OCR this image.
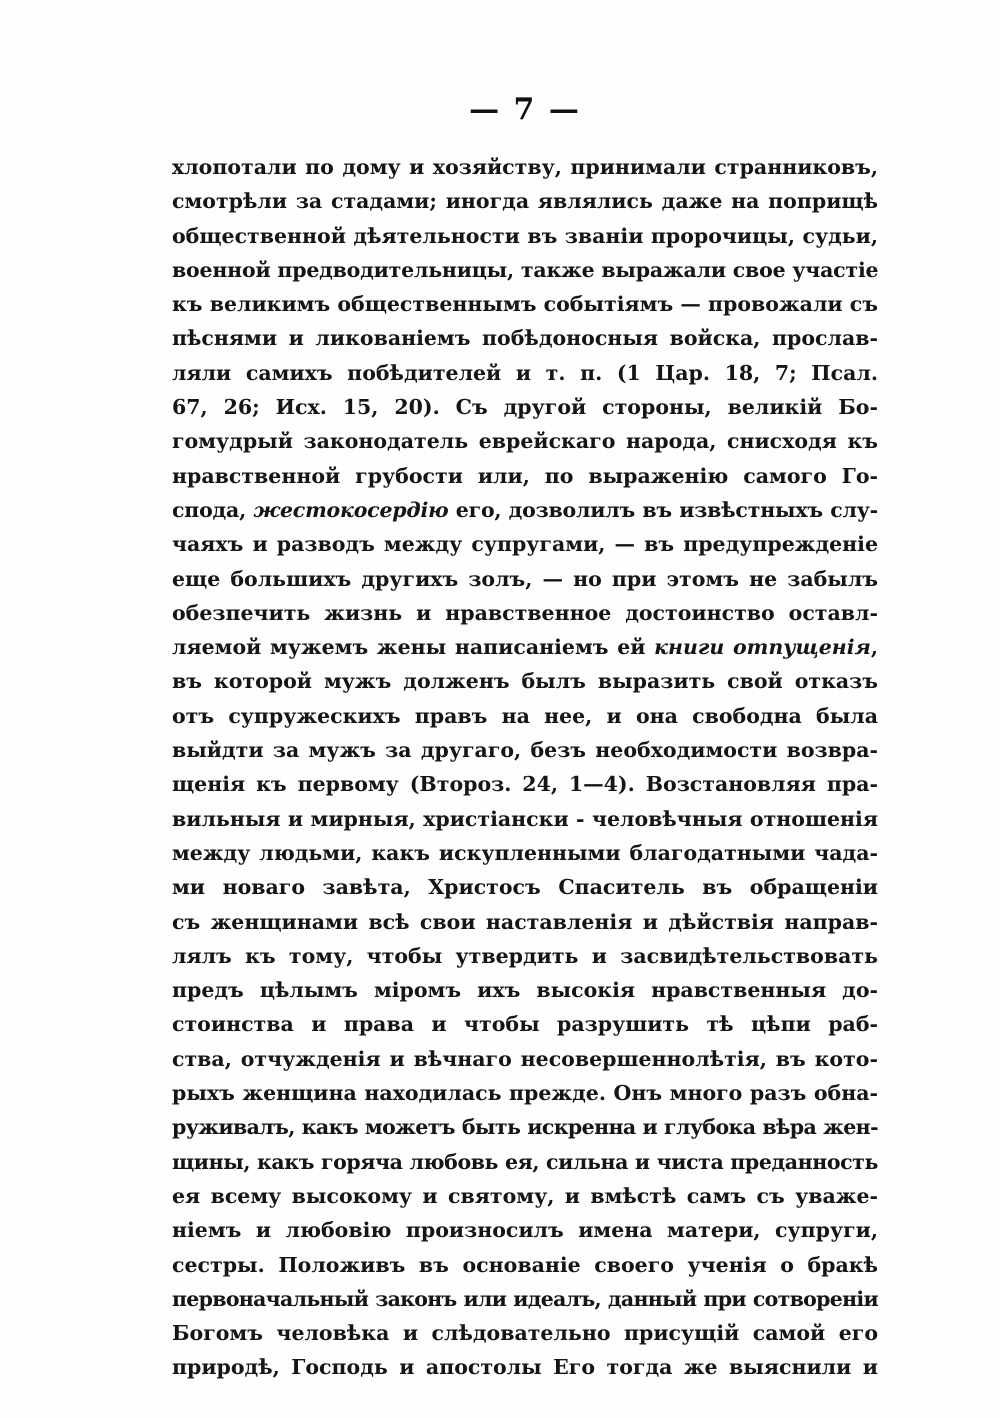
— 7 —
хлопотали по дому и хозяйству, принимали странниковъ,
смотрѣли за стадами; иногда являлись даже на поприщѣ
общественной дѣятельности въ званіи пророчицы, судьи,
военной предводительницы, также выражали свое участіе
къ великимъ общественнымъ событіямъ — провожали съ
пѣснями и ликованіемъ побѣдоносныя войска, прослав-
ляли самихъ побѣдителей и т. п. (1 Цар. 18, 7; Псал.
67, 26; Исх. 15, 20). Съ другой стороны, великій Бо-
гомудрый законодатель еврейскаго народа, снисходя къ
нравственной грубости или, по выраженію самого Го-
спода, жестокосердію его, дозволилъ въ извѣстныхъ слу-
чаяхъ и разводъ между супругами, — въ предупрежденіе
еще большихъ другихъ золъ, — но при этомъ не забылъ
обезпечить жизнь и нравственное достоинство оставл-
ляемой мужемъ жены написаніемъ ей книги отпущенія,
въ которой мужъ долженъ былъ выразить свой отказъ
отъ супружескихъ правъ на нее, и она свободна была
выйдти за мужъ за другаго, безъ необходимости возвра-
щенія къ первому (Второз. 24, 1—4). Возстановляя пра-
вильныя и мирныя, христіански - человѣчныя отношенія
между людьми, какъ искупленными благодатными чада-
ми новаго завѣта, Христосъ Спаситель въ обращеніи
съ женщинами всѣ свои наставленія и дѣйствія направ-
лялъ къ тому, чтобы утвердить и засвидѣтельствовать
предъ цѣлымъ міромъ ихъ высокія нравственныя до-
стоинства и права и чтобы разрушить тѣ цѣпи раб-
ства, отчужденія и вѣчнаго несовершеннолѣтія, въ кото-
рыхъ женщина находилась прежде. Онъ много разъ обна-
руживалъ, какъ можетъ быть искренна и глубока вѣра жен-
щины, какъ горяча любовь ея, сильна и чиста преданность
ея всему высокому и святому, и вмѣстѣ самъ съ уваже-
ніемъ и любовію произносилъ имена матери, супруги,
сестры. Положивъ въ основаніе своего ученія о бракѣ
первоначальный законъ или идеалъ, данный при сотвореніи
Богомъ человѣка и слѣдовательно присущій самой его
природѣ, Господь и апостолы Его тогда же выяснили и
